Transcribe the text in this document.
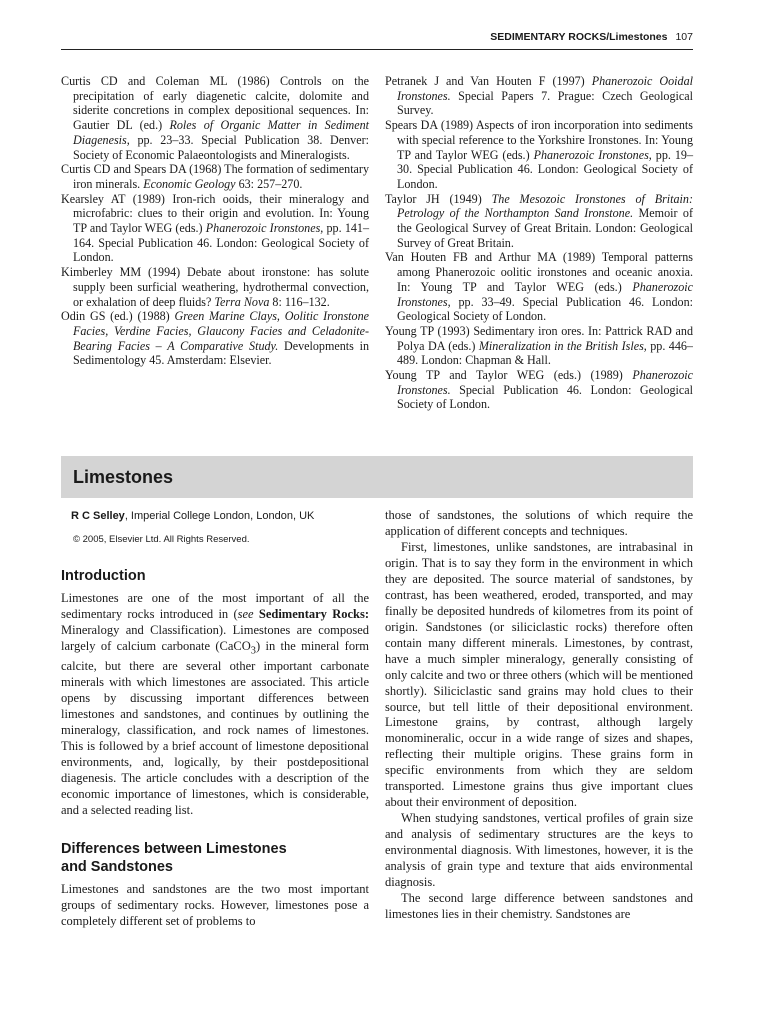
SEDIMENTARY ROCKS/Limestones 107
Curtis CD and Coleman ML (1986) Controls on the precipitation of early diagenetic calcite, dolomite and siderite concretions in complex depositional sequences. In: Gautier DL (ed.) Roles of Organic Matter in Sediment Diagenesis, pp. 23–33. Special Publication 38. Denver: Society of Economic Palaeontologists and Mineralogists.
Curtis CD and Spears DA (1968) The formation of sedimentary iron minerals. Economic Geology 63: 257–270.
Kearsley AT (1989) Iron-rich ooids, their mineralogy and microfabric: clues to their origin and evolution. In: Young TP and Taylor WEG (eds.) Phanerozoic Ironstones, pp. 141–164. Special Publication 46. London: Geological Society of London.
Kimberley MM (1994) Debate about ironstone: has solute supply been surficial weathering, hydrothermal convection, or exhalation of deep fluids? Terra Nova 8: 116–132.
Odin GS (ed.) (1988) Green Marine Clays, Oolitic Ironstone Facies, Verdine Facies, Glaucony Facies and Celadonite-Bearing Facies – A Comparative Study. Developments in Sedimentology 45. Amsterdam: Elsevier.
Petranek J and Van Houten F (1997) Phanerozoic Ooidal Ironstones. Special Papers 7. Prague: Czech Geological Survey.
Spears DA (1989) Aspects of iron incorporation into sediments with special reference to the Yorkshire Ironstones. In: Young TP and Taylor WEG (eds.) Phanerozoic Ironstones, pp. 19–30. Special Publication 46. London: Geological Society of London.
Taylor JH (1949) The Mesozoic Ironstones of Britain: Petrology of the Northampton Sand Ironstone. Memoir of the Geological Survey of Great Britain. London: Geological Survey of Great Britain.
Van Houten FB and Arthur MA (1989) Temporal patterns among Phanerozoic oolitic ironstones and oceanic anoxia. In: Young TP and Taylor WEG (eds.) Phanerozoic Ironstones, pp. 33–49. Special Publication 46. London: Geological Society of London.
Young TP (1993) Sedimentary iron ores. In: Pattrick RAD and Polya DA (eds.) Mineralization in the British Isles, pp. 446–489. London: Chapman & Hall.
Young TP and Taylor WEG (eds.) (1989) Phanerozoic Ironstones. Special Publication 46. London: Geological Society of London.
Limestones
R C Selley, Imperial College London, London, UK
© 2005, Elsevier Ltd. All Rights Reserved.
Introduction

Limestones are one of the most important of all the sedimentary rocks introduced in (see Sedimentary Rocks: Mineralogy and Classification). Limestones are composed largely of calcium carbonate (CaCO$_3$) in the mineral form calcite, but there are several other important carbonate minerals with which limestones are associated. This article opens by discussing important differences between limestones and sandstones, and continues by outlining the mineralogy, classification, and rock names of limestones. This is followed by a brief account of limestone depositional environments, and, logically, by their postdepositional diagenesis. The article concludes with a description of the economic importance of limestones, which is considerable, and a selected reading list.

Differences between Limestones
and Sandstones

Limestones and sandstones are the two most important groups of sedimentary rocks. However, limestones pose a completely different set of problems to

those of sandstones, the solutions of which require the application of different concepts and techniques.

First, limestones, unlike sandstones, are intrabasinal in origin. That is to say they form in the environment in which they are deposited. The source material of sandstones, by contrast, has been weathered, eroded, transported, and may finally be deposited hundreds of kilometres from its point of origin. Sandstones (or siliciclastic rocks) therefore often contain many different minerals. Limestones, by contrast, have a much simpler mineralogy, generally consisting of only calcite and two or three others (which will be mentioned shortly). Siliciclastic sand grains may hold clues to their source, but tell little of their depositional environment. Limestone grains, by contrast, although largely monomineralic, occur in a wide range of sizes and shapes, reflecting their multiple origins. These grains form in specific environments from which they are seldom transported. Limestone grains thus give important clues about their environment of deposition.

When studying sandstones, vertical profiles of grain size and analysis of sedimentary structures are the keys to environmental diagnosis. With limestones, however, it is the analysis of grain type and texture that aids environmental diagnosis.

The second large difference between sandstones and limestones lies in their chemistry. Sandstones are
